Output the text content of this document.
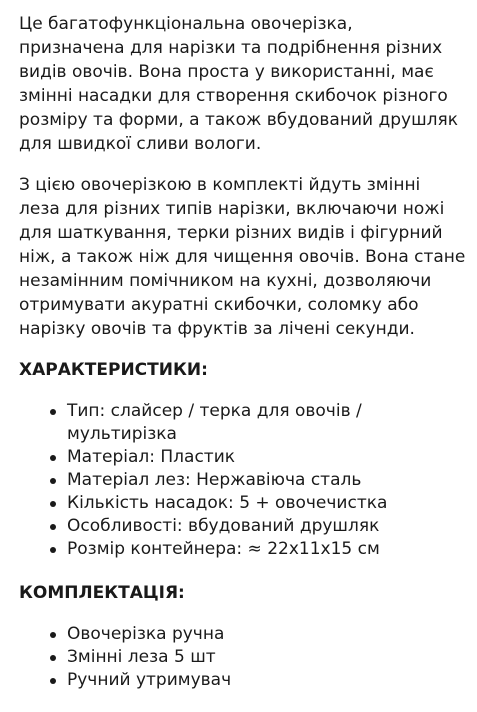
Це багатофункціональна овочерізка,
призначена для нарізки та подрібнення різних
видів овочів. Вона проста у використанні, має
змінні насадки для створення скибочок різного
розміру та форми, а також вбудований друшляк
для швидкої сливи вологи.

З цією овочерізкою в комплекті йдуть змінні
леза для різних типів нарізки, включаючи ножі
для шаткування, терки різних видів і фігурний
ніж, а також ніж для чищення овочів. Вона стане
незамінним помічником на кухні, дозволяючи
отримувати акуратні скибочки, соломку або
нарізку овочів та фруктів за лічені секунди.

ХАРАКТЕРИСТИКИ:
Тип: слайсер / терка для овочів /
мультирізка
Матеріал: Пластик
Матеріал лез: Нержавіюча сталь
Кількість насадок: 5 + овочечистка
Особливості: вбудований друшляк
Розмір контейнера: ≈ 22x11x15 см
КОМПЛЕКТАЦІЯ:
Овочерізка ручна
Змінні леза 5 шт
Ручний утримувач
